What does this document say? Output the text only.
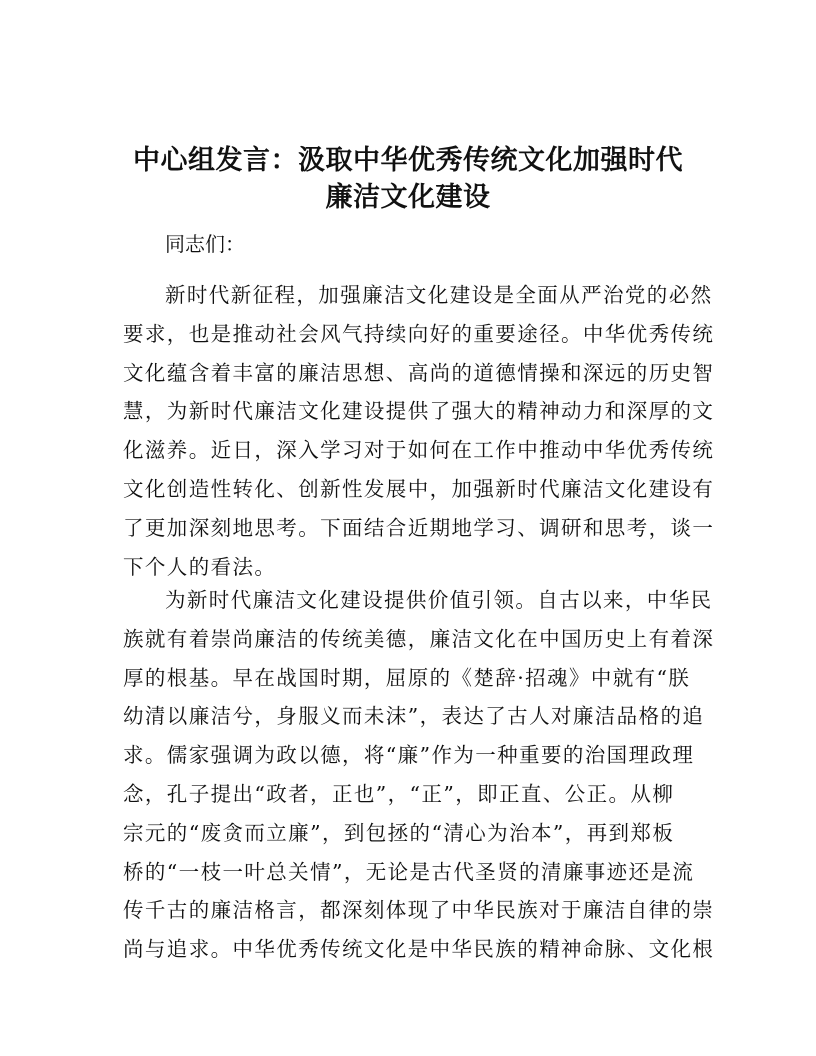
中心组发言：汲取中华优秀传统文化加强时代
廉洁文化建设

同志们：

新时代新征程，加强廉洁文化建设是全面从严治党的必然
要求，也是推动社会风气持续向好的重要途径。中华优秀传统
文化蕴含着丰富的廉洁思想、高尚的道德情操和深远的历史智
慧，为新时代廉洁文化建设提供了强大的精神动力和深厚的文
化滋养。近日，深入学习对于如何在工作中推动中华优秀传统
文化创造性转化、创新性发展中，加强新时代廉洁文化建设有
了更加深刻地思考。下面结合近期地学习、调研和思考，谈一
下个人的看法。
为新时代廉洁文化建设提供价值引领。自古以来，中华民
族就有着崇尚廉洁的传统美德，廉洁文化在中国历史上有着深
厚的根基。早在战国时期，屈原的《楚辞·招魂》中就有“朕
幼清以廉洁兮，身服义而未沫”，表达了古人对廉洁品格的追
求。儒家强调为政以德，将“廉”作为一种重要的治国理政理
念，孔子提出“政者，正也”，“正”，即正直、公正。从柳
宗元的“废贪而立廉”，到包拯的“清心为治本”，再到郑板
桥的“一枝一叶总关情”，无论是古代圣贤的清廉事迹还是流
传千古的廉洁格言，都深刻体现了中华民族对于廉洁自律的崇
尚与追求。中华优秀传统文化是中华民族的精神命脉、文化根
